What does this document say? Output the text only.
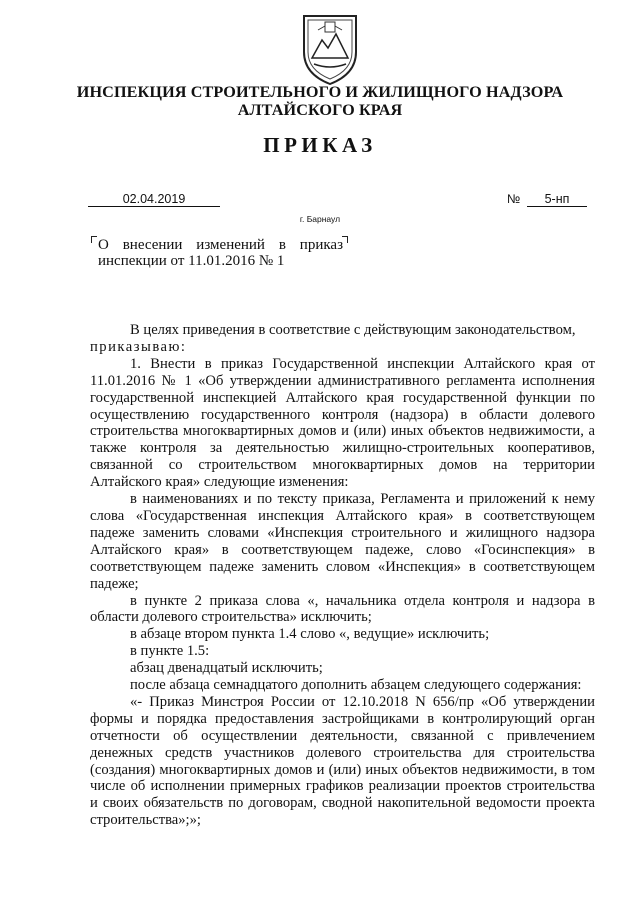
ИНСПЕКЦИЯ СТРОИТЕЛЬНОГО И ЖИЛИЩНОГО НАДЗОРА
АЛТАЙСКОГО КРАЯ
ПРИКАЗ
02.04.2019	№	5-нп
г. Барнаул
О внесении изменений в приказ
инспекции от 11.01.2016 № 1

В целях приведения в соответствие с действующим законодательством,

приказываю:

1. Внести в приказ Государственной инспекции Алтайского края от 11.01.2016 № 1 «Об утверждении административного регламента исполнения государственной инспекцией Алтайского края государственной функции по осуществлению государственного контроля (надзора) в области долевого строительства многоквартирных домов и (или) иных объектов недвижимости, а также контроля за деятельностью жилищно-строительных кооперативов, связанной со строительством многоквартирных домов на территории Алтайского края» следующие изменения:

в наименованиях и по тексту приказа, Регламента и приложений к нему слова «Государственная инспекция Алтайского края» в соответствующем падеже заменить словами «Инспекция строительного и жилищного надзора Алтайского края» в соответствующем падеже, слово «Госинспекция» в соответствующем падеже заменить словом «Инспекция» в соответствующем падеже;

в пункте 2 приказа слова «, начальника отдела контроля и надзора в области долевого строительства» исключить;

в абзаце втором пункта 1.4 слово «, ведущие» исключить;

в пункте 1.5:

абзац двенадцатый исключить;

после абзаца семнадцатого дополнить абзацем следующего содержания:

«- Приказ Минстроя России от 12.10.2018 N 656/пр «Об утверждении формы и порядка предоставления застройщиками в контролирующий орган отчетности об осуществлении деятельности, связанной с привлечением денежных средств участников долевого строительства для строительства (создания) многоквартирных домов и (или) иных объектов недвижимости, в том числе об исполнении примерных графиков реализации проектов строительства и своих обязательств по договорам, сводной накопительной ведомости проекта строительства»;»;
